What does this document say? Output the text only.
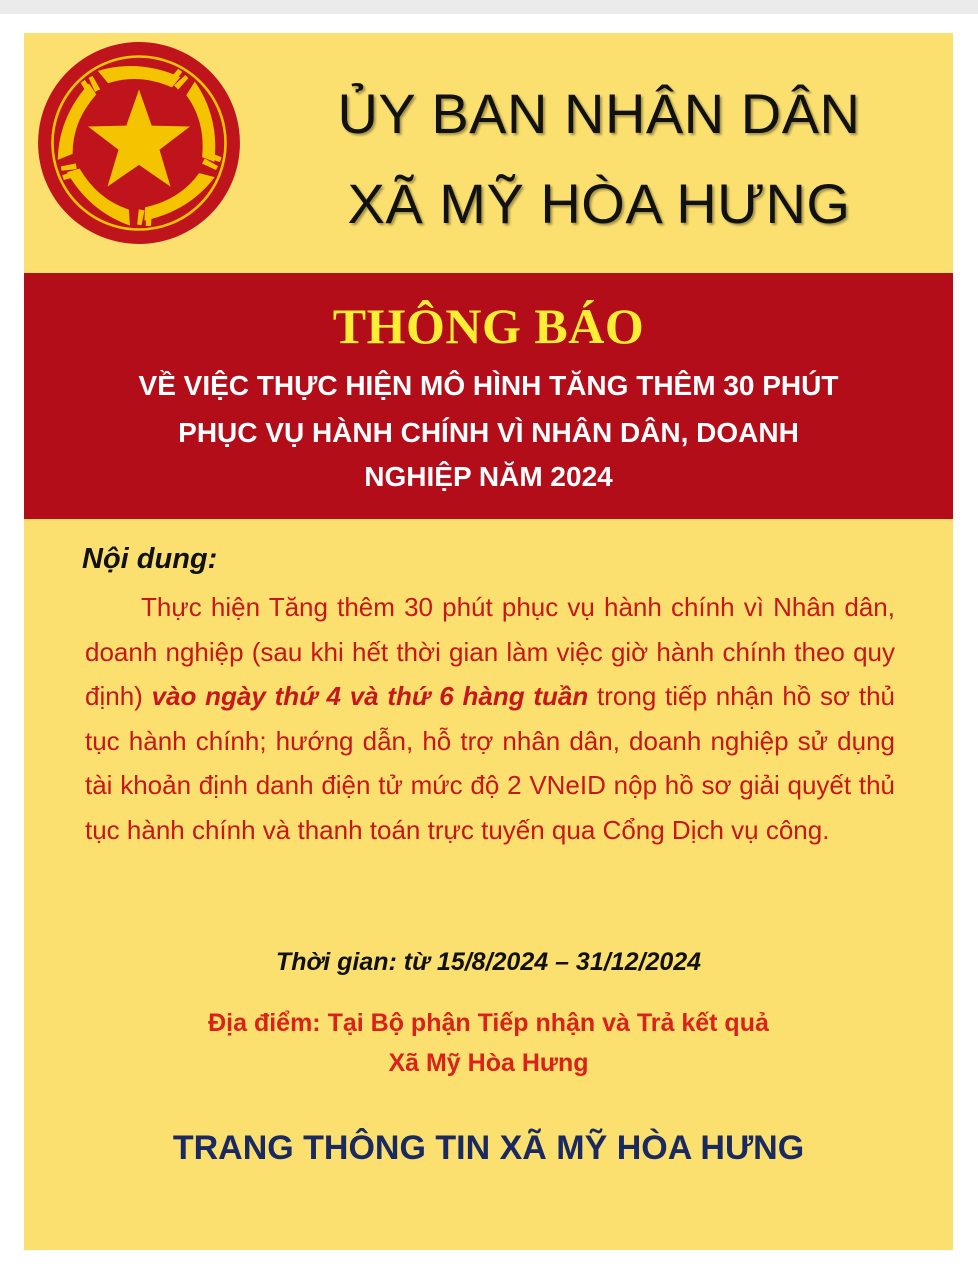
ỦY BAN NHÂN DÂN
XÃ MỸ HÒA HƯNG
THÔNG BÁO
VỀ VIỆC THỰC HIỆN MÔ HÌNH TĂNG THÊM 30 PHÚT
PHỤC VỤ HÀNH CHÍNH VÌ NHÂN DÂN, DOANH
NGHIỆP NĂM 2024
Nội dung:
Thực hiện Tăng thêm 30 phút phục vụ hành chính vì Nhân dân, doanh nghiệp (sau khi hết thời gian làm việc giờ hành chính theo quy định) vào ngày thứ 4 và thứ 6 hàng tuần trong tiếp nhận hồ sơ thủ tục hành chính; hướng dẫn, hỗ trợ nhân dân, doanh nghiệp sử dụng tài khoản định danh điện tử mức độ 2 VNeID nộp hồ sơ giải quyết thủ tục hành chính và thanh toán trực tuyến qua Cổng Dịch vụ công.
Thời gian: từ 15/8/2024 – 31/12/2024
Địa điểm: Tại Bộ phận Tiếp nhận và Trả kết quả
Xã Mỹ Hòa Hưng
TRANG THÔNG TIN XÃ MỸ HÒA HƯNG
